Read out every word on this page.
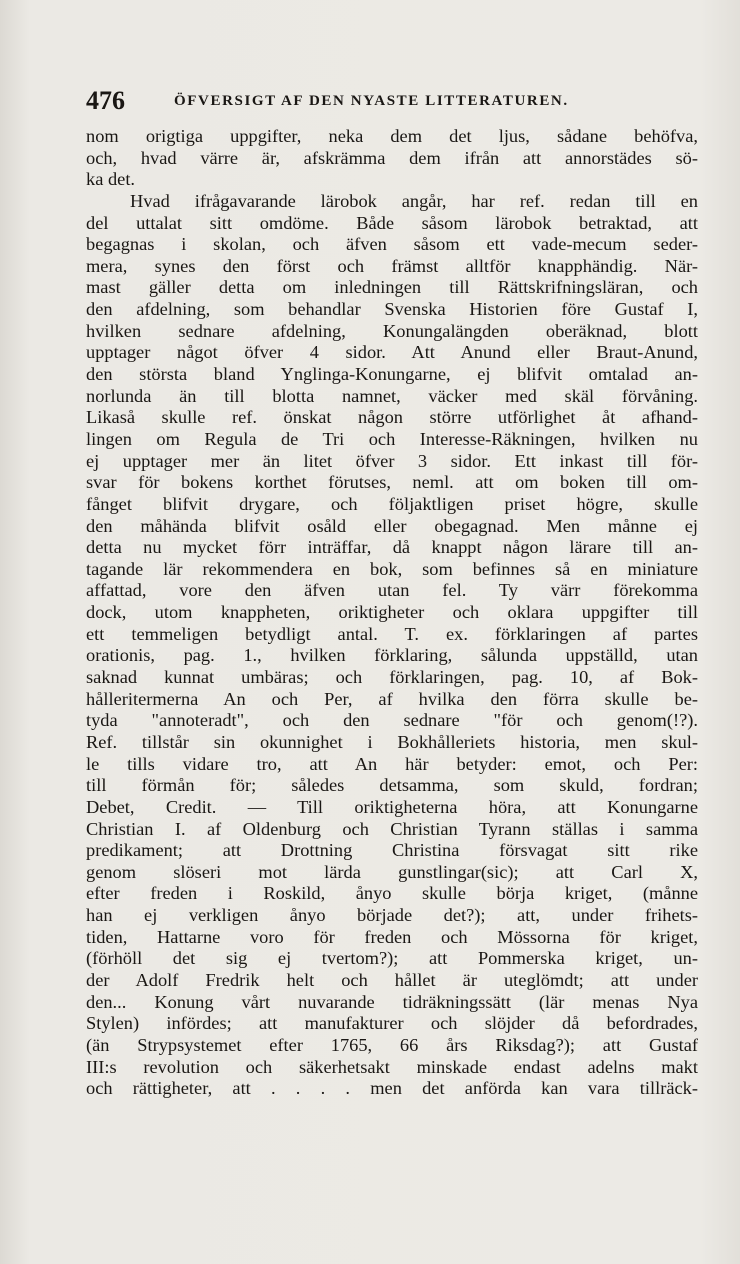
476	ÖFVERSIGT AF DEN NYASTE LITTERATUREN.
nom origtiga uppgifter, neka dem det ljus, sådane behöfva,
och, hvad värre är, afskrämma dem ifrån att annorstädes sö-
ka det.
Hvad ifrågavarande lärobok angår, har ref. redan till en
del uttalat sitt omdöme. Både såsom lärobok betraktad, att
begagnas i skolan, och äfven såsom ett vade-mecum seder-
mera, synes den först och främst alltför knapphändig. När-
mast gäller detta om inledningen till Rättskrifningsläran, och
den afdelning, som behandlar Svenska Historien före Gustaf I,
hvilken sednare afdelning, Konungalängden oberäknad, blott
upptager något öfver 4 sidor. Att Anund eller Braut-Anund,
den största bland Ynglinga-Konungarne, ej blifvit omtalad an-
norlunda än till blotta namnet, väcker med skäl förvåning.
Likaså skulle ref. önskat någon större utförlighet åt afhand-
lingen om Regula de Tri och Interesse-Räkningen, hvilken nu
ej upptager mer än litet öfver 3 sidor. Ett inkast till för-
svar för bokens korthet förutses, neml. att om boken till om-
fånget blifvit drygare, och följaktligen priset högre, skulle
den måhända blifvit osåld eller obegagnad. Men månne ej
detta nu mycket förr inträffar, då knappt någon lärare till an-
tagande lär rekommendera en bok, som befinnes så en miniature
affattad, vore den äfven utan fel. Ty värr förekomma
dock, utom knappheten, oriktigheter och oklara uppgifter till
ett temmeligen betydligt antal. T. ex. förklaringen af partes
orationis, pag. 1., hvilken förklaring, sålunda uppställd, utan
saknad kunnat umbäras; och förklaringen, pag. 10, af Bok-
hålleritermerna An och Per, af hvilka den förra skulle be-
tyda "annoteradt", och den sednare "för och genom(!?).
Ref. tillstår sin okunnighet i Bokhålleriets historia, men skul-
le tills vidare tro, att An här betyder: emot, och Per:
till förmån för; således detsamma, som skuld, fordran;
Debet, Credit. — Till oriktigheterna höra, att Konungarne
Christian I. af Oldenburg och Christian Tyrann ställas i samma
predikament; att Drottning Christina försvagat sitt rike
genom slöseri mot lärda gunstlingar(sic); att Carl X,
efter freden i Roskild, ånyo skulle börja kriget, (månne
han ej verkligen ånyo började det?); att, under frihets-
tiden, Hattarne voro för freden och Mössorna för kriget,
(förhöll det sig ej tvertom?); att Pommerska kriget, un-
der Adolf Fredrik helt och hållet är uteglömdt; att under
den... Konung vårt nuvarande tidräkningssätt (lär menas Nya
Stylen) infördes; att manufakturer och slöjder då befordrades,
(än Strypsystemet efter 1765, 66 års Riksdag?); att Gustaf
III:s revolution och säkerhetsakt minskade endast adelns makt
och rättigheter, att . . . . men det anförda kan vara tillräck-
